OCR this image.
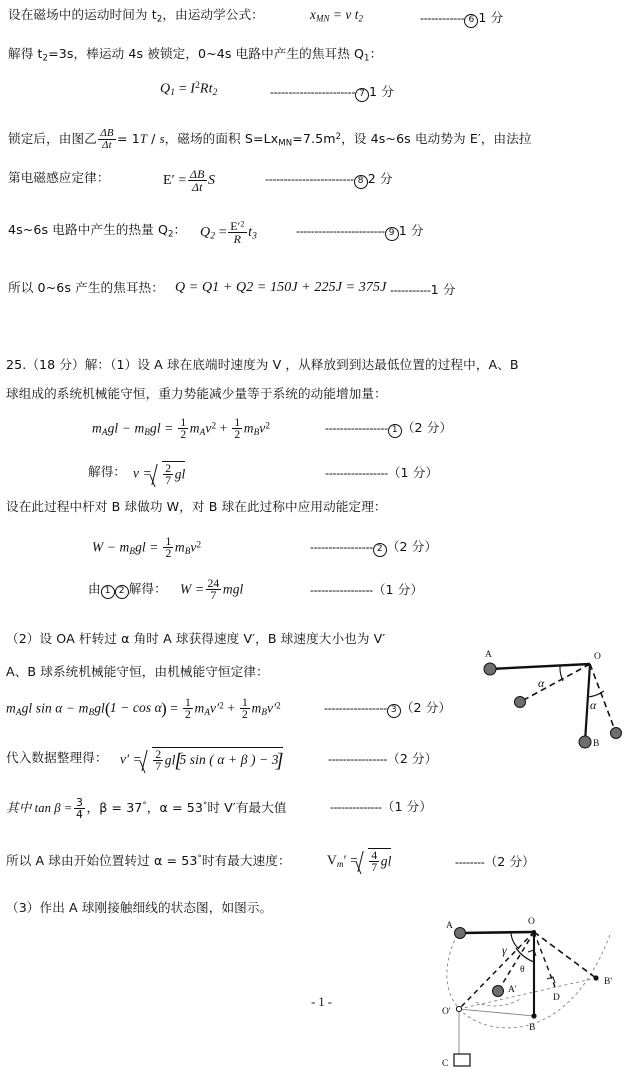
设在磁场中的运动时间为 $t_2$，由运动学公式：	$x_{MN} = v$ $t_2$	------------ 6 1 分
解得 $t_2=3s$，棒运动 4s 被锁定，0~4s 电路中产生的焦耳热 $Q_1$：
$Q_1 = I^2Rt_2$	----------------------- 7 1 分
锁定后，由图乙 $\frac{\Delta B}{\Delta t} = 1T / s$，磁场的面积 $S=Lx_{MN}=7.5m^2$，设 4s~6s 电动势为 E′，由法拉
第电磁感应定律：	$E' = \frac{\Delta B}{\Delta t}$ S	------------------------ 8 2 分
4s~6s 电路中产生的热量 $Q_2$： $Q_2 = \frac{E'^2}{R} t_3$	------------------------ 9 1 分
所以 0~6s 产生的焦耳热： Q = Q1 + Q2 = 150J + 225J = 375J -----------1 分
25.（18 分）解：（1）设 A 球在底端时速度为 V ，从释放到到达最低位置的过程中，A、B
球组成的系统机械能守恒，重力势能减少量等于系统的动能增加量：
$m_Agl - m_Bgl = \frac{1}{2} m_Av^2 + \frac{1}{2} m_Bv^2$	----------------- 1 （2 分）
解得： $v = \frac{2}{7}$ gl	-----------------（1 分）
设在此过程中杆对 B 球做功 W，对 B 球在此过称中应用动能定理：
$W - m_Bgl = \frac{1}{2} m_Bv^2$	----------------- 2 （2 分）
由 1 2 解得： $W = \frac{24}{7}$ mgl	-----------------（1 分）
（2）设 OA 杆转过 α 角时 A 球获得速度 V′，B 球速度大小也为 V′
A、B 球系统机械能守恒，由机械能守恒定律：
$m_Agl$ $\sin \alpha - m_Bgl$ ( 1 − cos α ) = $\frac{1}{2} m_Av'^2 + \frac{1}{2} m_Bv'^2$	----------------- 3 （2 分）
代入数据整理得： $v' = \frac{2}{7}$ gl [ 5 sin ( α + β ) − 3 ]	----------------（2 分）
其中 $\tan \beta = \frac{3}{4}$ ，β = 37°，α = 53°时 V′有最大值	--------------（1 分）
所以 A 球由开始位置转过 α = 53°时有最大速度：	$V_m' = \frac{4}{7}$ gl	--------（2 分）
（3）作出 A 球刚接触细线的状态图，如图示。
A	O
B
α
α
A	O
B
B'
A'
O'
C
D
γ
θ
- 1 -
